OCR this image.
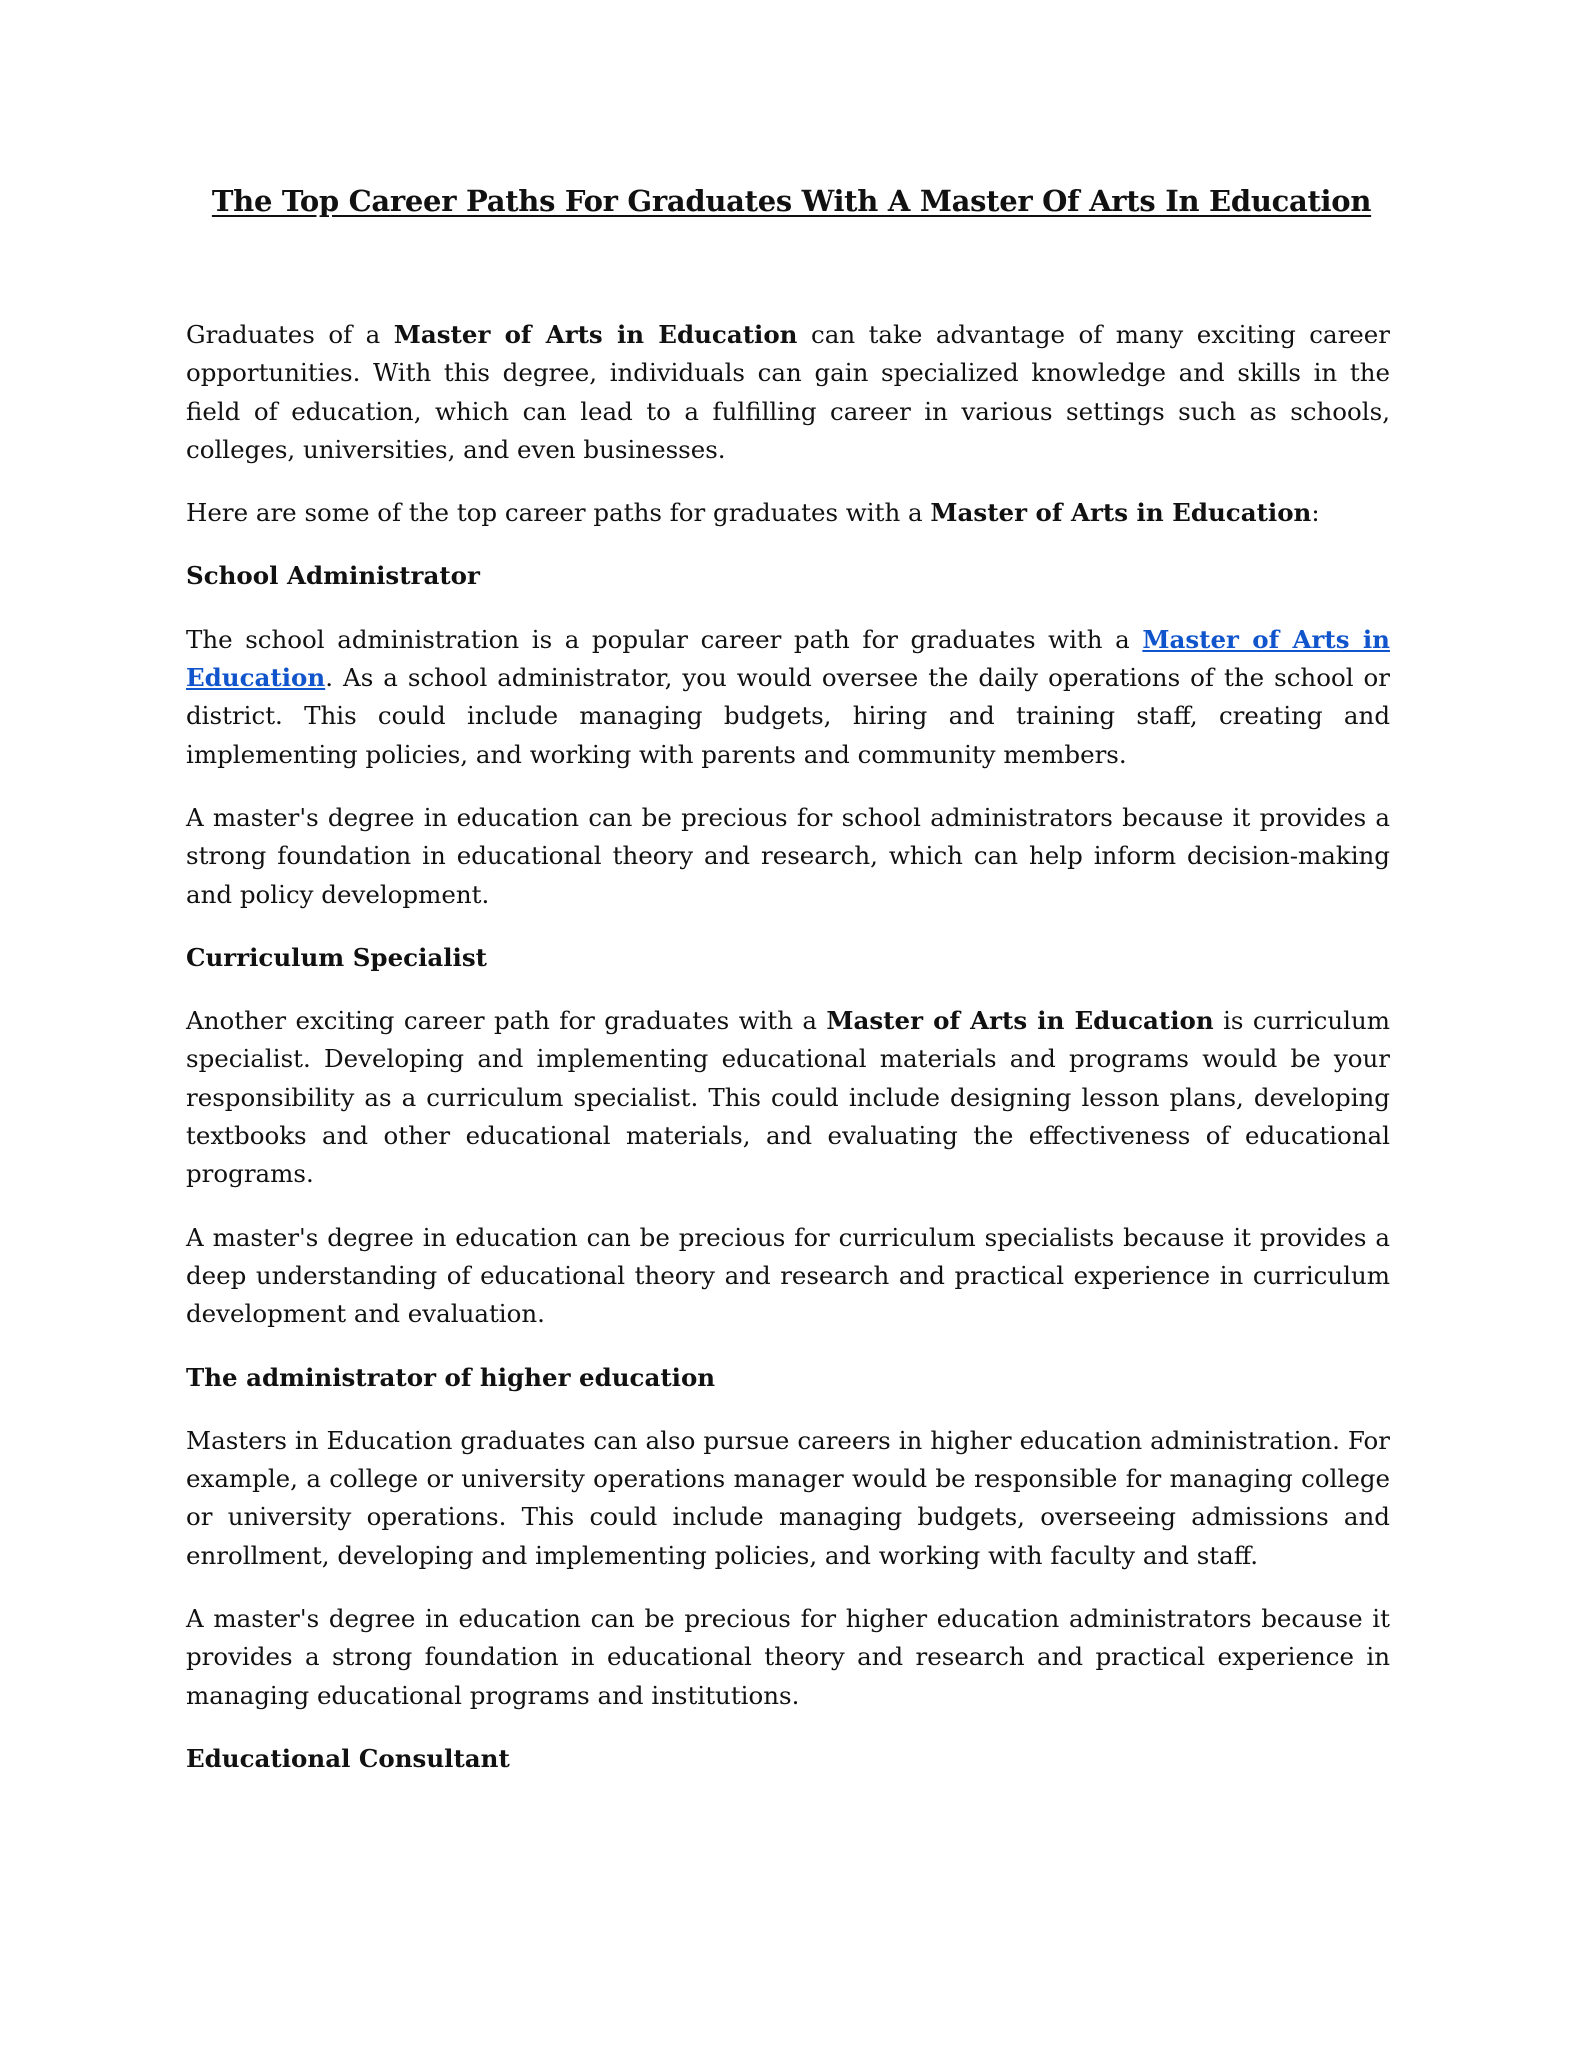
The Top Career Paths For Graduates With A Master Of Arts In Education

Graduates of a Master of Arts in Education can take advantage of many exciting career opportunities. With this degree, individuals can gain specialized knowledge and skills in the field of education, which can lead to a fulfilling career in various settings such as schools, colleges, universities, and even businesses.

Here are some of the top career paths for graduates with a Master of Arts in Education:

School Administrator

The school administration is a popular career path for graduates with a Master of Arts in Education. As a school administrator, you would oversee the daily operations of the school or district. This could include managing budgets, hiring and training staff, creating and implementing policies, and working with parents and community members.

A master's degree in education can be precious for school administrators because it provides a strong foundation in educational theory and research, which can help inform decision-making and policy development.

Curriculum Specialist

Another exciting career path for graduates with a Master of Arts in Education is curriculum specialist. Developing and implementing educational materials and programs would be your responsibility as a curriculum specialist. This could include designing lesson plans, developing textbooks and other educational materials, and evaluating the effectiveness of educational programs.

A master's degree in education can be precious for curriculum specialists because it provides a deep understanding of educational theory and research and practical experience in curriculum development and evaluation.

The administrator of higher education

Masters in Education graduates can also pursue careers in higher education administration. For example, a college or university operations manager would be responsible for managing college or university operations. This could include managing budgets, overseeing admissions and enrollment, developing and implementing policies, and working with faculty and staff.

A master's degree in education can be precious for higher education administrators because it provides a strong foundation in educational theory and research and practical experience in managing educational programs and institutions.

Educational Consultant
